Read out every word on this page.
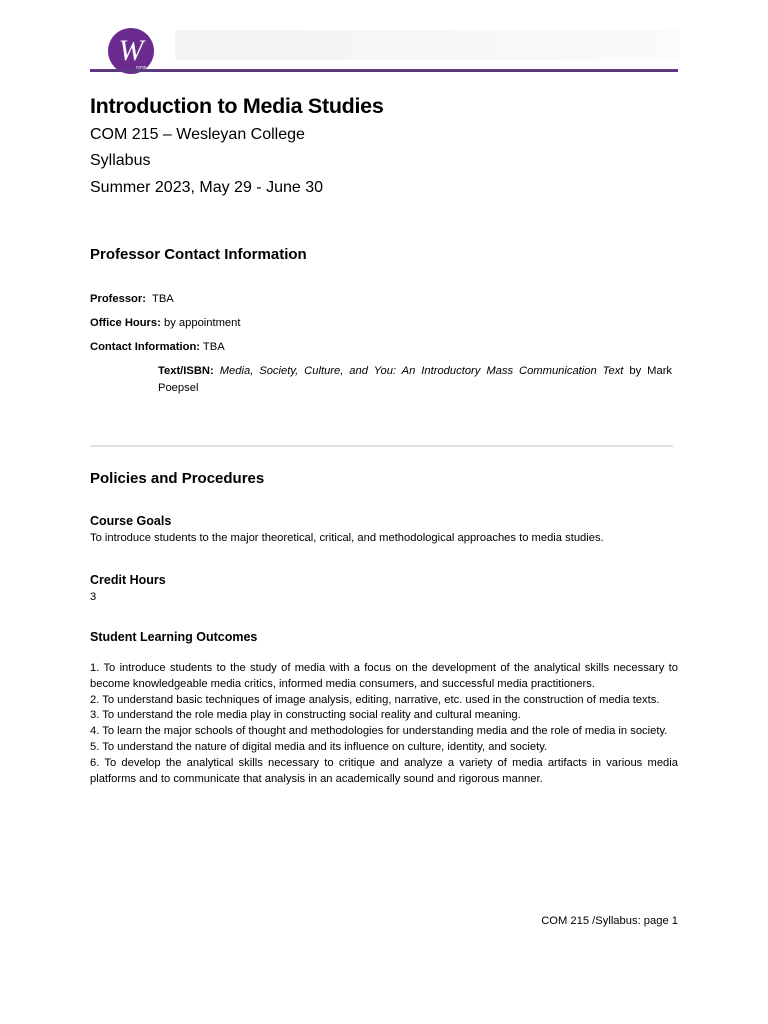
W
Introduction to Media Studies
COM 215 – Wesleyan College
Syllabus
Summer 2023, May 29 - June 30
Professor Contact Information
Professor: TBA
Office Hours: by appointment
Contact Information: TBA
Text/ISBN: Media, Society, Culture, and You: An Introductory Mass Communication Text by Mark Poepsel
Policies and Procedures
Course Goals
To introduce students to the major theoretical, critical, and methodological approaches to media studies.
Credit Hours
3
Student Learning Outcomes
1. To introduce students to the study of media with a focus on the development of the analytical skills necessary to become knowledgeable media critics, informed media consumers, and successful media practitioners.
2. To understand basic techniques of image analysis, editing, narrative, etc. used in the construction of media texts.
3. To understand the role media play in constructing social reality and cultural meaning.
4. To learn the major schools of thought and methodologies for understanding media and the role of media in society.
5. To understand the nature of digital media and its influence on culture, identity, and society.
6. To develop the analytical skills necessary to critique and analyze a variety of media artifacts in various media platforms and to communicate that analysis in an academically sound and rigorous manner.
COM 215 /Syllabus: page 1
